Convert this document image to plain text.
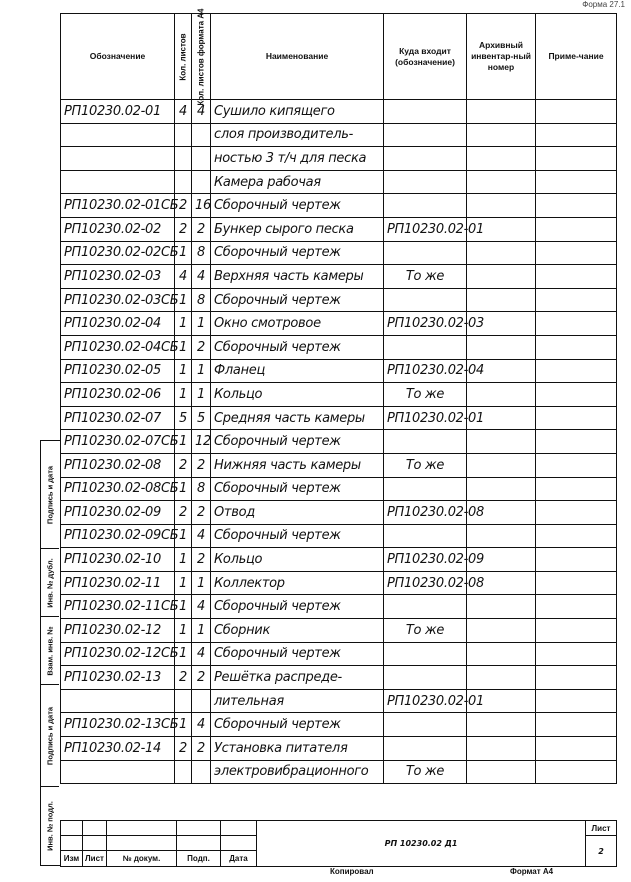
Форма 27.1
Обозначение	Кол. листов	Кол. листов формата А4	Наименование	Куда входит (обозначение)	Архивный инвентар-ный номер	Приме-чание
РП10230.02-01	4	4	Сушило кипящего			
			слоя производитель-			
			ностью 3 т/ч для песка			
			Камера рабочая			
РП10230.02-01СБ	2	16	Сборочный чертеж			
РП10230.02-02	2	2	Бункер сырого песка	РП10230.02-01		
РП10230.02-02СБ	1	8	Сборочный чертеж			
РП10230.02-03	4	4	Верхняя часть камеры	То же		
РП10230.02-03СБ	1	8	Сборочный чертеж			
РП10230.02-04	1	1	Окно смотровое	РП10230.02-03		
РП10230.02-04СБ	1	2	Сборочный чертеж			
РП10230.02-05	1	1	Фланец	РП10230.02-04		
РП10230.02-06	1	1	Кольцо	То же		
РП10230.02-07	5	5	Средняя часть камеры	РП10230.02-01		
РП10230.02-07СБ	1	12	Сборочный чертеж			
РП10230.02-08	2	2	Нижняя часть камеры	То же		
РП10230.02-08СБ	1	8	Сборочный чертеж			
РП10230.02-09	2	2	Отвод	РП10230.02-08		
РП10230.02-09СБ	1	4	Сборочный чертеж			
РП10230.02-10	1	2	Кольцо	РП10230.02-09		
РП10230.02-11	1	1	Коллектор	РП10230.02-08		
РП10230.02-11СБ	1	4	Сборочный чертеж			
РП10230.02-12	1	1	Сборник	То же		
РП10230.02-12СБ	1	4	Сборочный чертеж			
РП10230.02-13	2	2	Решётка распреде-			
			лительная	РП10230.02-01		
РП10230.02-13СБ	1	4	Сборочный чертеж			
РП10230.02-14	2	2	Установка питателя			
			электровибрационного	То же		
Подпись и дата
Инв. № дубл.
Взам. инв. №
Подпись и дата
Инв. № подл.
						РП 10230.02 Д1	Лист
						2
Изм	Лист	№ докум.	Подп.	Дата		
Копировал	Формат А4
